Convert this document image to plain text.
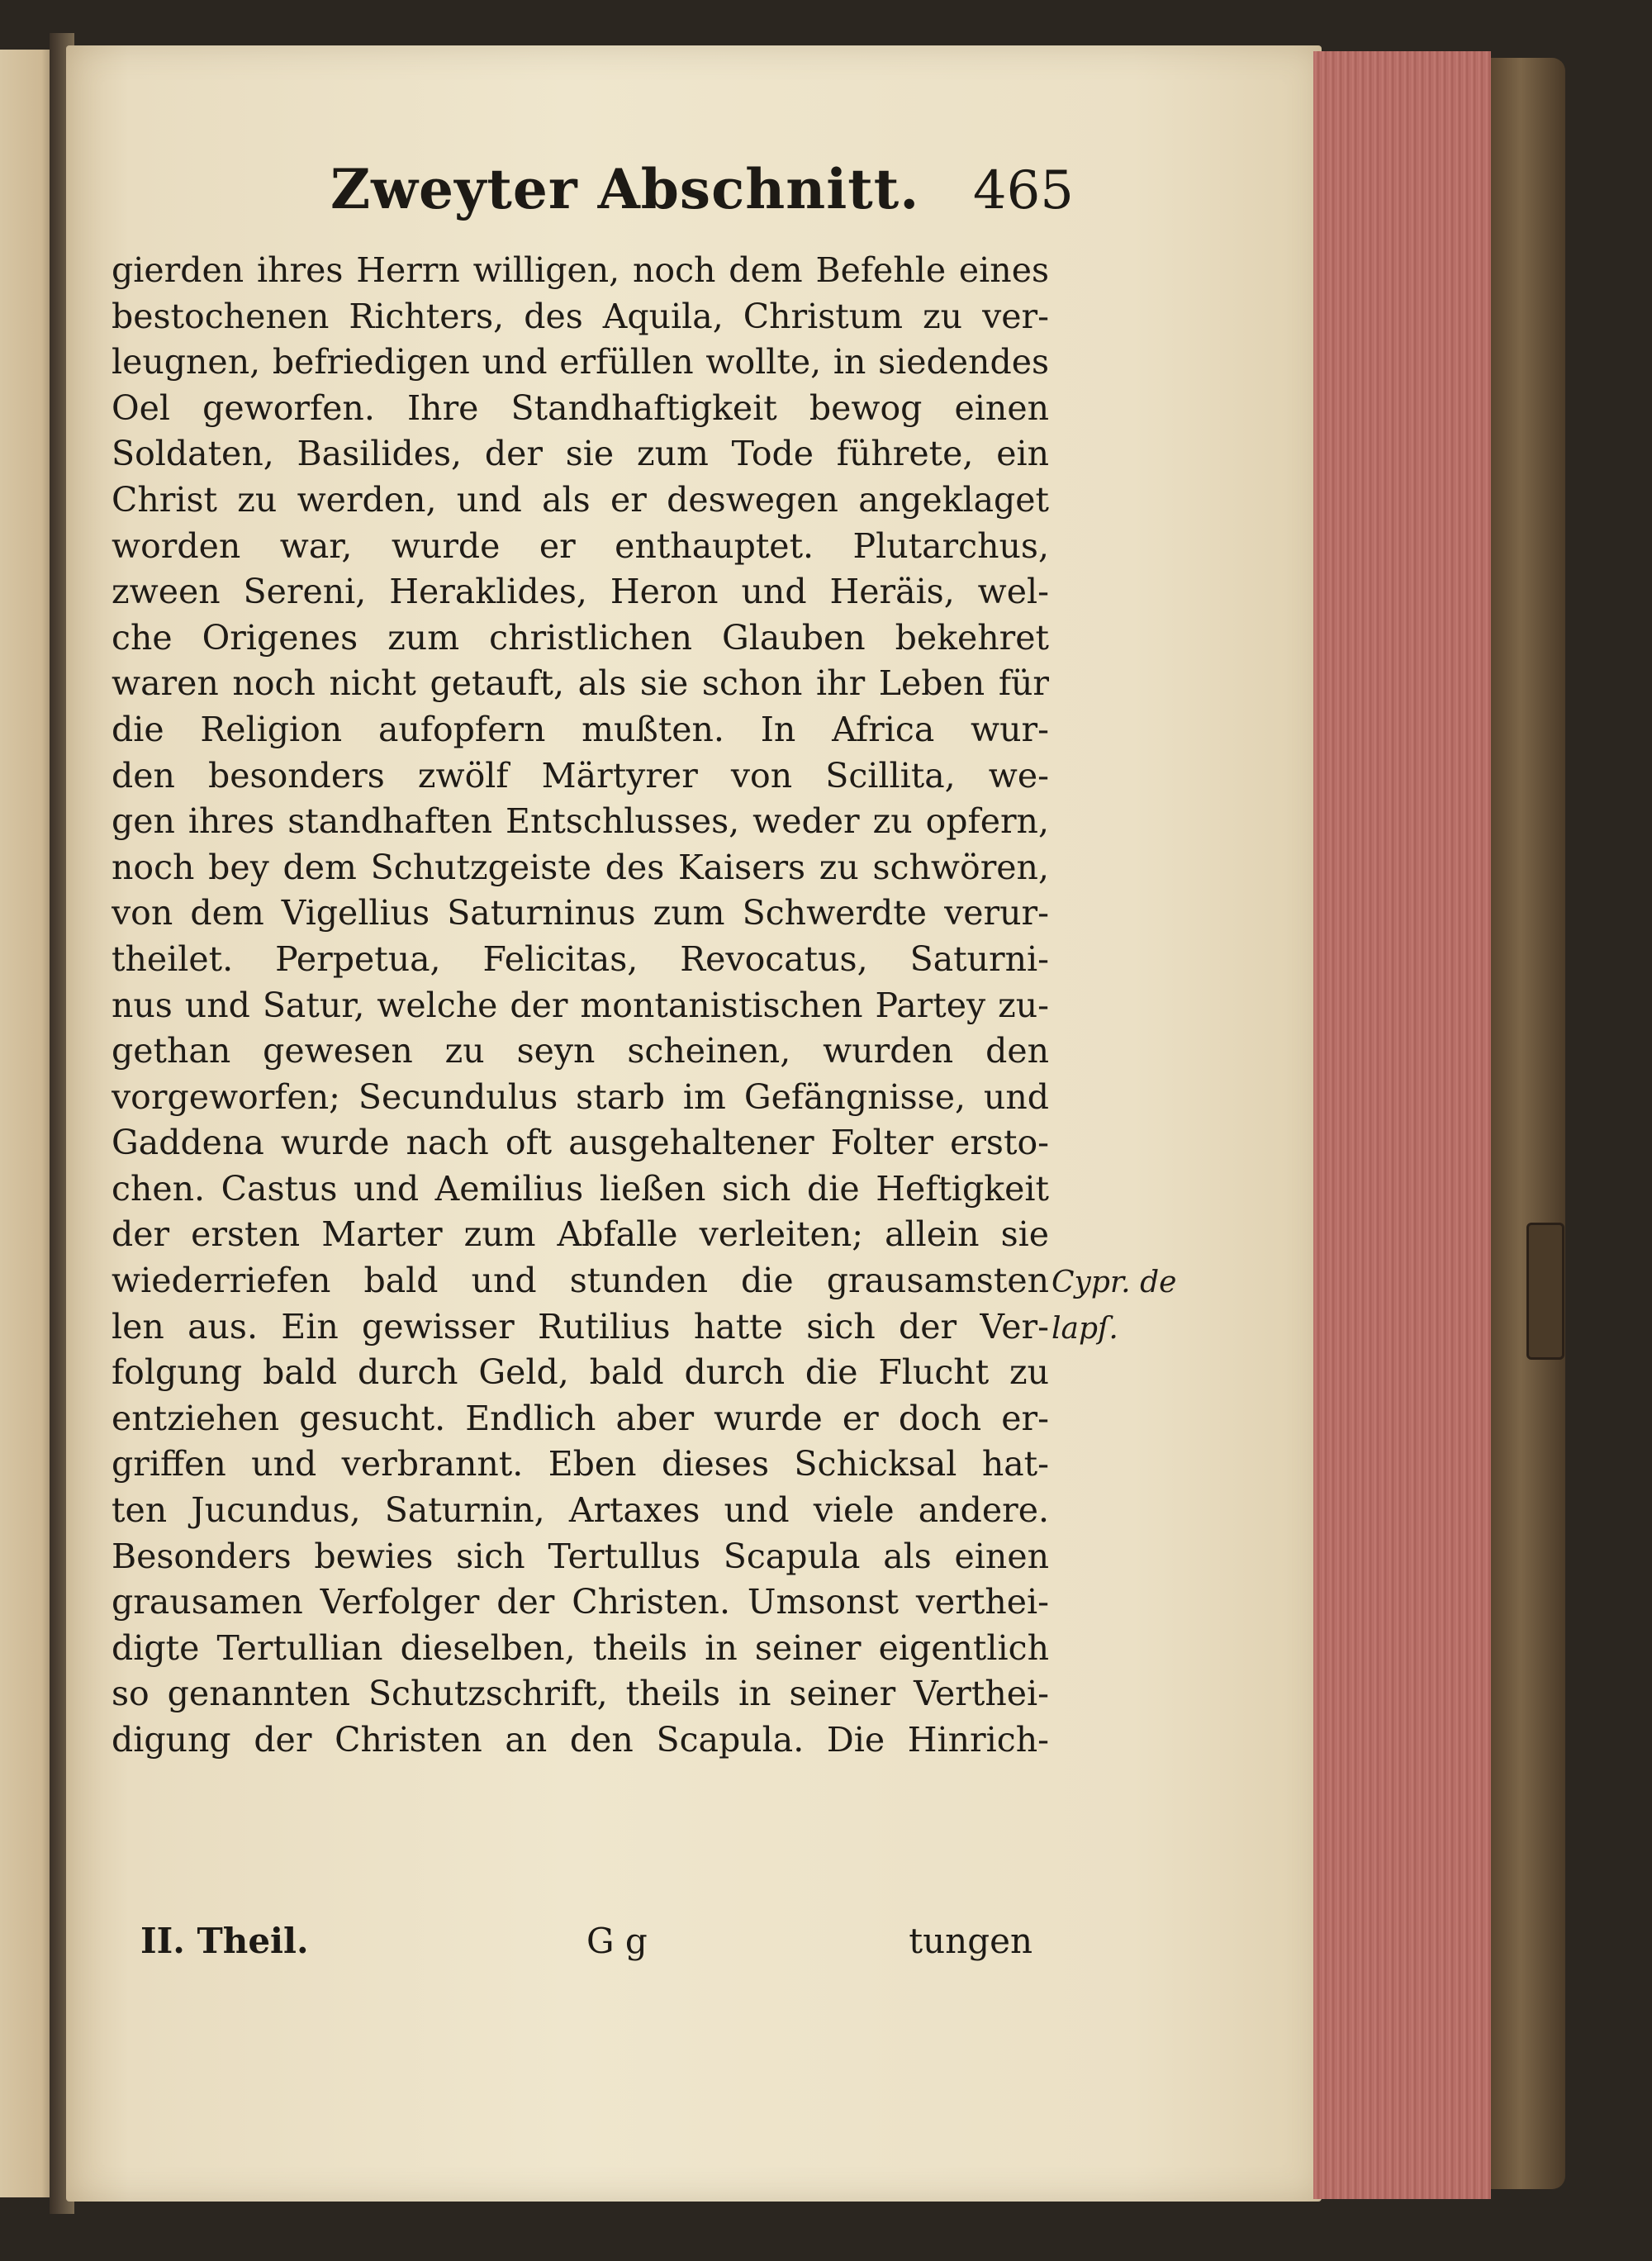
Zweyter Abschnitt. 465
gierden ihres Herrn willigen, noch dem Befehle eines
bestochenen Richters, des Aquila, Christum zu ver-
leugnen, befriedigen und erfüllen wollte, in siedendes
Oel geworfen. Ihre Standhaftigkeit bewog einen
Soldaten, Basilides, der sie zum Tode führete, ein
Christ zu werden, und als er deswegen angeklaget
worden war, wurde er enthauptet. Plutarchus,
zween Sereni, Heraklides, Heron und Heräis, wel-
che Origenes zum christlichen Glauben bekehret
waren noch nicht getauft, als sie schon ihr Leben für
die Religion aufopfern mußten. In Africa wur-
den besonders zwölf Märtyrer von Scillita, we-
gen ihres standhaften Entschlusses, weder zu opfern,
noch bey dem Schutzgeiste des Kaisers zu schwören,
von dem Vigellius Saturninus zum Schwerdte verur-
theilet. Perpetua, Felicitas, Revocatus, Saturni-
nus und Satur, welche der montanistischen Partey zu-
gethan gewesen zu seyn scheinen, wurden den
vorgeworfen; Secundulus starb im Gefängnisse, und
Gaddena wurde nach oft ausgehaltener Folter ersto-
chen. Castus und Aemilius ließen sich die Heftigkeit
der ersten Marter zum Abfalle verleiten; allein sie
wiederriefen bald und stunden die grausamsten
len aus. Ein gewisser Rutilius hatte sich der Ver-
folgung bald durch Geld, bald durch die Flucht zu
entziehen gesucht. Endlich aber wurde er doch er-
griffen und verbrannt. Eben dieses Schicksal hat-
ten Jucundus, Saturnin, Artaxes und viele andere.
Besonders bewies sich Tertullus Scapula als einen
grausamen Verfolger der Christen. Umsonst verthei-
digte Tertullian dieselben, theils in seiner eigentlich
so genannten Schutzschrift, theils in seiner Verthei-
digung der Christen an den Scapula. Die Hinrich-
Cypr. de
lapſ.
II. Theil.	G g	tungen
